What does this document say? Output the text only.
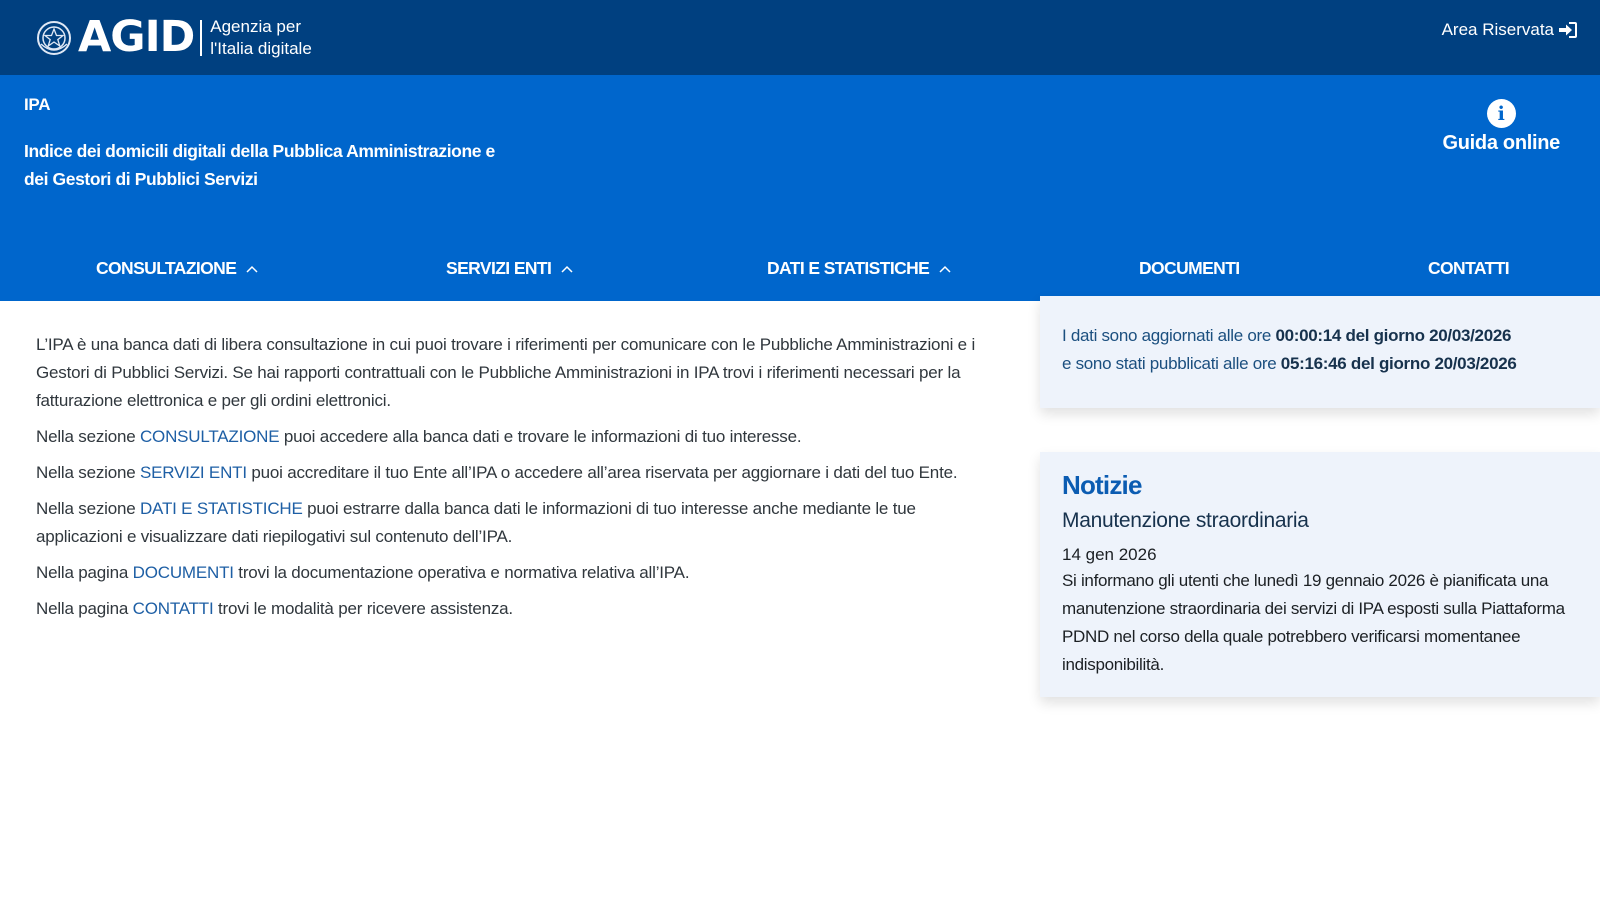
AGID Agenzia per
l'Italia digitale
Area Riservata
IPA
Indice dei domicili digitali della Pubblica Amministrazione e dei Gestori di Pubblici Servizi
i
Guida online
CONSULTAZIONE	SERVIZI ENTI	DATI E STATISTICHE	DOCUMENTI	CONTATTI

L’IPA è una banca dati di libera consultazione in cui puoi trovare i riferimenti per comunicare con le Pubbliche Amministrazioni e i Gestori di Pubblici Servizi. Se hai rapporti contrattuali con le Pubbliche Amministrazioni in IPA trovi i riferimenti necessari per la fatturazione elettronica e per gli ordini elettronici.

Nella sezione CONSULTAZIONE puoi accedere alla banca dati e trovare le informazioni di tuo interesse.

Nella sezione SERVIZI ENTI puoi accreditare il tuo Ente all’IPA o accedere all’area riservata per aggiornare i dati del tuo Ente.

Nella sezione DATI E STATISTICHE puoi estrarre dalla banca dati le informazioni di tuo interesse anche mediante le tue applicazioni e visualizzare dati riepilogativi sul contenuto dell’IPA.

Nella pagina DOCUMENTI trovi la documentazione operativa e normativa relativa all’IPA.

Nella pagina CONTATTI trovi le modalità per ricevere assistenza.

I dati sono aggiornati alle ore 00:00:14 del giorno 20/03/2026

e sono stati pubblicati alle ore 05:16:46 del giorno 20/03/2026

Notizie
Manutenzione straordinaria
14 gen 2026
Si informano gli utenti che lunedì 19 gennaio 2026 è pianificata una manutenzione straordinaria dei servizi di IPA esposti sulla Piattaforma PDND nel corso della quale potrebbero verificarsi momentanee indisponibilità.
